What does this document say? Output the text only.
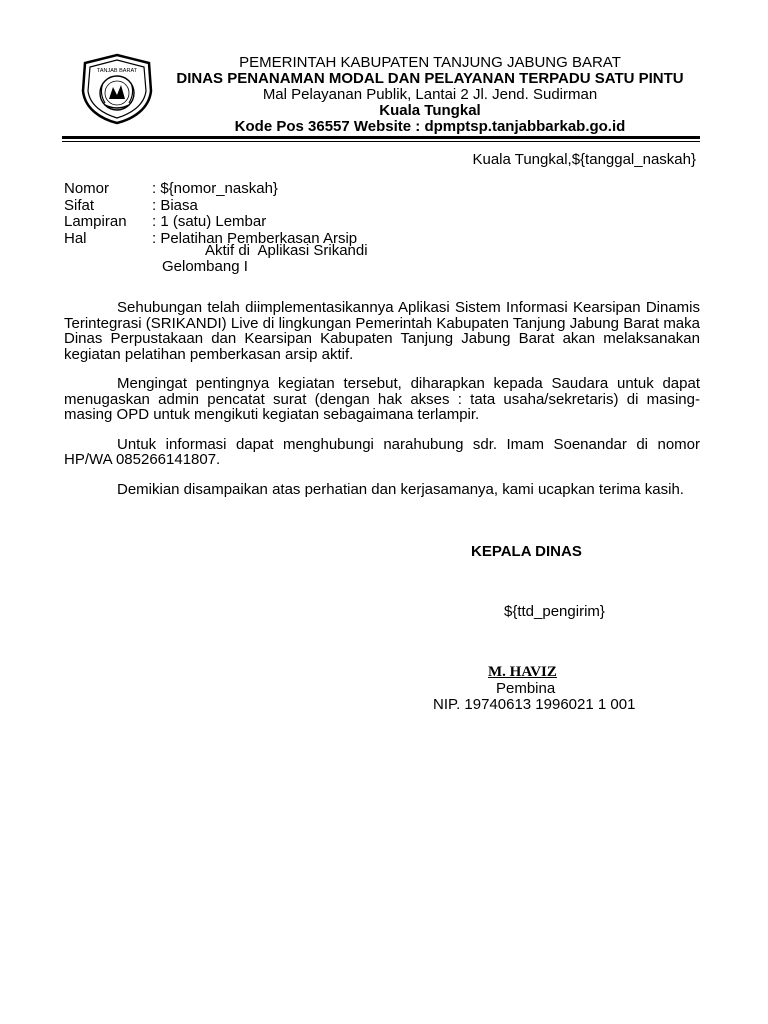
TANJAB BARAT	PEMERINTAH KABUPATEN TANJUNG JABUNG BARAT
DINAS PENANAMAN MODAL DAN PELAYANAN TERPADU SATU PINTU
Mal Pelayanan Publik, Lantai 2 Jl. Jend. Sudirman
Kuala Tungkal
Kode Pos 36557 Website : dpmptsp.tanjabbarkab.go.id
Kuala Tungkal,${tanggal_naskah}
Nomor	: ${nomor_naskah}
Sifat	: Biasa
Lampiran	: 1 (satu) Lembar
Hal	: Pelatihan Pemberkasan Arsip
Aktif di  Aplikasi Srikandi
Gelombang I

Sehubungan telah diimplementasikannya Aplikasi Sistem Informasi Kearsipan Dinamis Terintegrasi (SRIKANDI) Live di lingkungan Pemerintah Kabupaten Tanjung Jabung Barat maka Dinas Perpustakaan dan Kearsipan Kabupaten Tanjung Jabung Barat akan melaksanakan kegiatan pelatihan pemberkasan arsip aktif.

Mengingat pentingnya kegiatan tersebut, diharapkan kepada Saudara untuk dapat menugaskan admin pencatat surat (dengan hak akses : tata usaha/sekretaris) di masing-masing OPD untuk mengikuti kegiatan sebagaimana terlampir.

Untuk informasi dapat menghubungi narahubung sdr. Imam Soenandar di nomor HP/WA 085266141807.

Demikian disampaikan atas perhatian dan kerjasamanya, kami ucapkan terima kasih.

KEPALA DINAS
${ttd_pengirim}
M. HAVIZ
Pembina
NIP. 19740613 1996021 1 001
